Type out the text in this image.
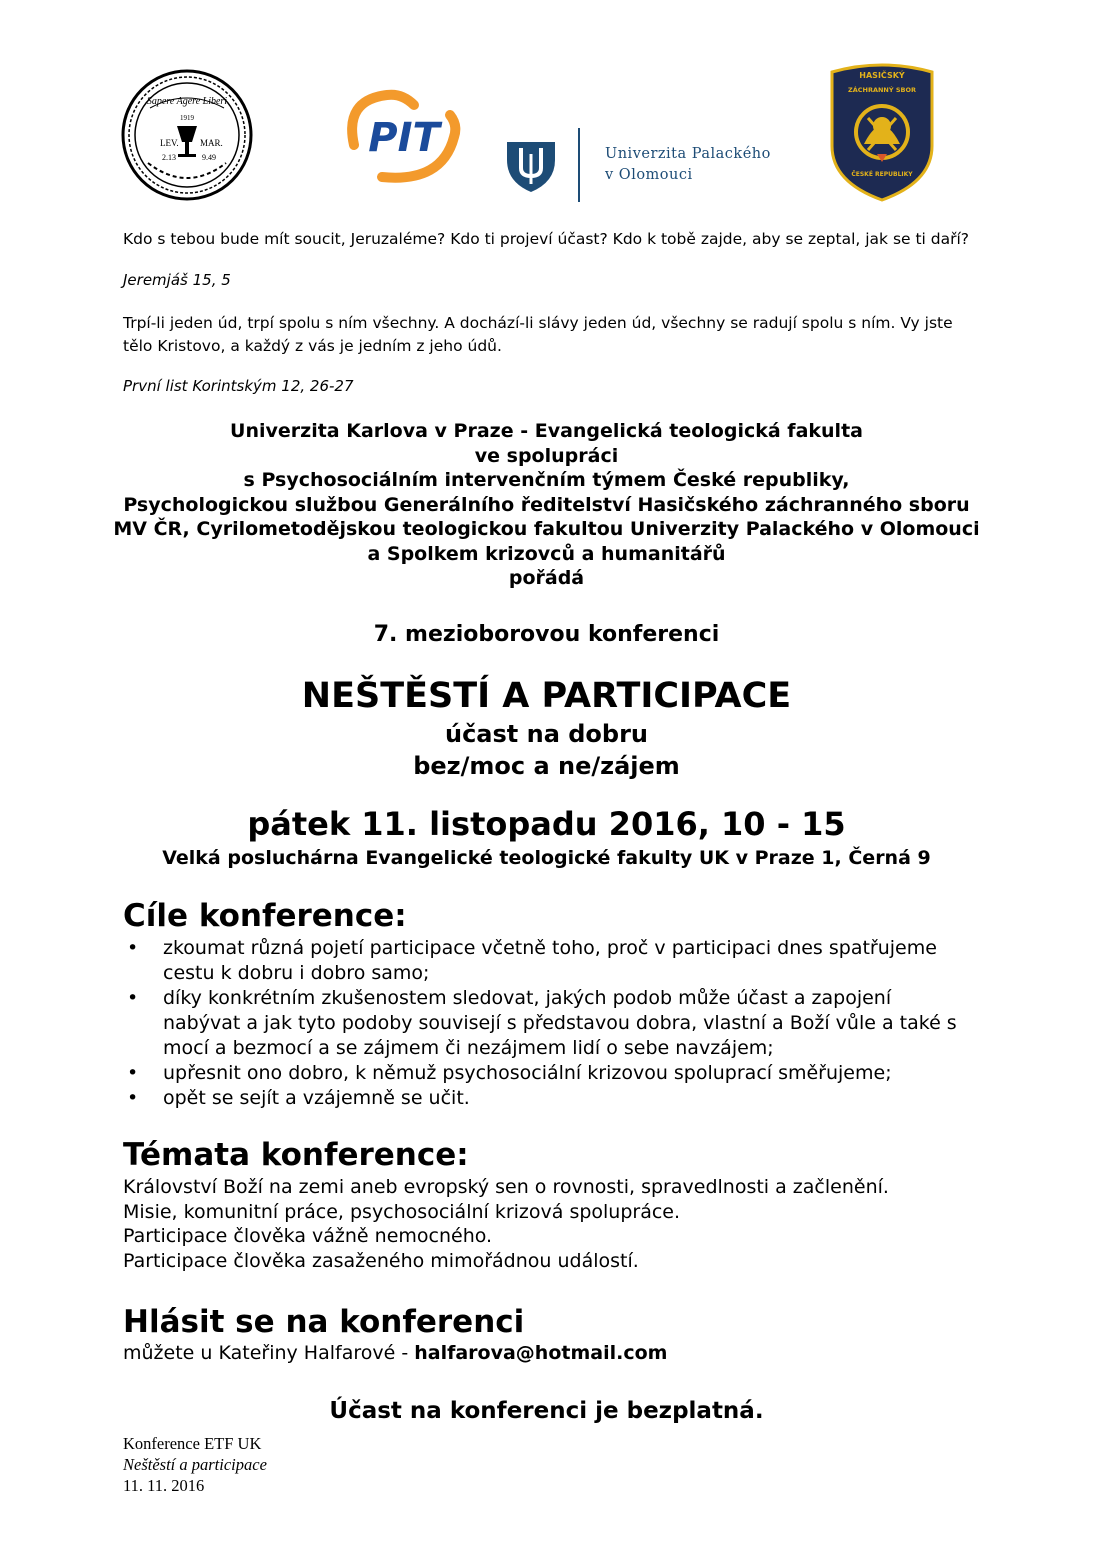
Sapere Agere Liberi
1919
LEV. MAR.
2.13	9.49	PIT	Univerzita Palackého
v Olomouci
HASIČSKÝ
ZÁCHRANNÝ SBOR
ČESKÉ REPUBLIKY
Kdo s tebou bude mít soucit, Jeruzaléme? Kdo ti projeví účast? Kdo k tobě zajde, aby se zeptal, jak se ti daří?
Jeremjáš 15, 5
Trpí-li jeden úd, trpí spolu s ním všechny. A dochází-li slávy jeden úd, všechny se radují spolu s ním. Vy jste tělo Kristovo, a každý z vás je jedním z jeho údů.
První list Korintským 12, 26-27
Univerzita Karlova v Praze - Evangelická teologická fakulta
ve spolupráci
s Psychosociálním intervenčním týmem České republiky,
Psychologickou službou Generálního ředitelství Hasičského záchranného sboru
MV ČR, Cyrilometodějskou teologickou fakultou Univerzity Palackého v Olomouci
a Spolkem krizovců a humanitářů
pořádá
7. mezioborovou konferenci
NEŠTĚSTÍ A PARTICIPACE
účast na dobru
bez/moc a ne/zájem
pátek 11. listopadu 2016, 10 - 15
Velká posluchárna Evangelické teologické fakulty UK v Praze 1, Černá 9
Cíle konference:
• zkoumat různá pojetí participace včetně toho, proč v participaci dnes spatřujeme cestu k dobru i dobro samo;
• díky konkrétním zkušenostem sledovat, jakých podob může účast a zapojení nabývat a jak tyto podoby souvisejí s představou dobra, vlastní a Boží vůle a také s mocí a bezmocí a se zájmem či nezájmem lidí o sebe navzájem;
• upřesnit ono dobro, k němuž psychosociální krizovou spoluprací směřujeme;
• opět se sejít a vzájemně se učit.
Témata konference:
Království Boží na zemi aneb evropský sen o rovnosti, spravedlnosti a začlenění.
Misie, komunitní práce, psychosociální krizová spolupráce.
Participace člověka vážně nemocného.
Participace člověka zasaženého mimořádnou událostí.
Hlásit se na konferenci
můžete u Kateřiny Halfarové - halfarova@hotmail.com
Účast na konferenci je bezplatná.
Konference ETF UK
Neštěstí a participace
11. 11. 2016
